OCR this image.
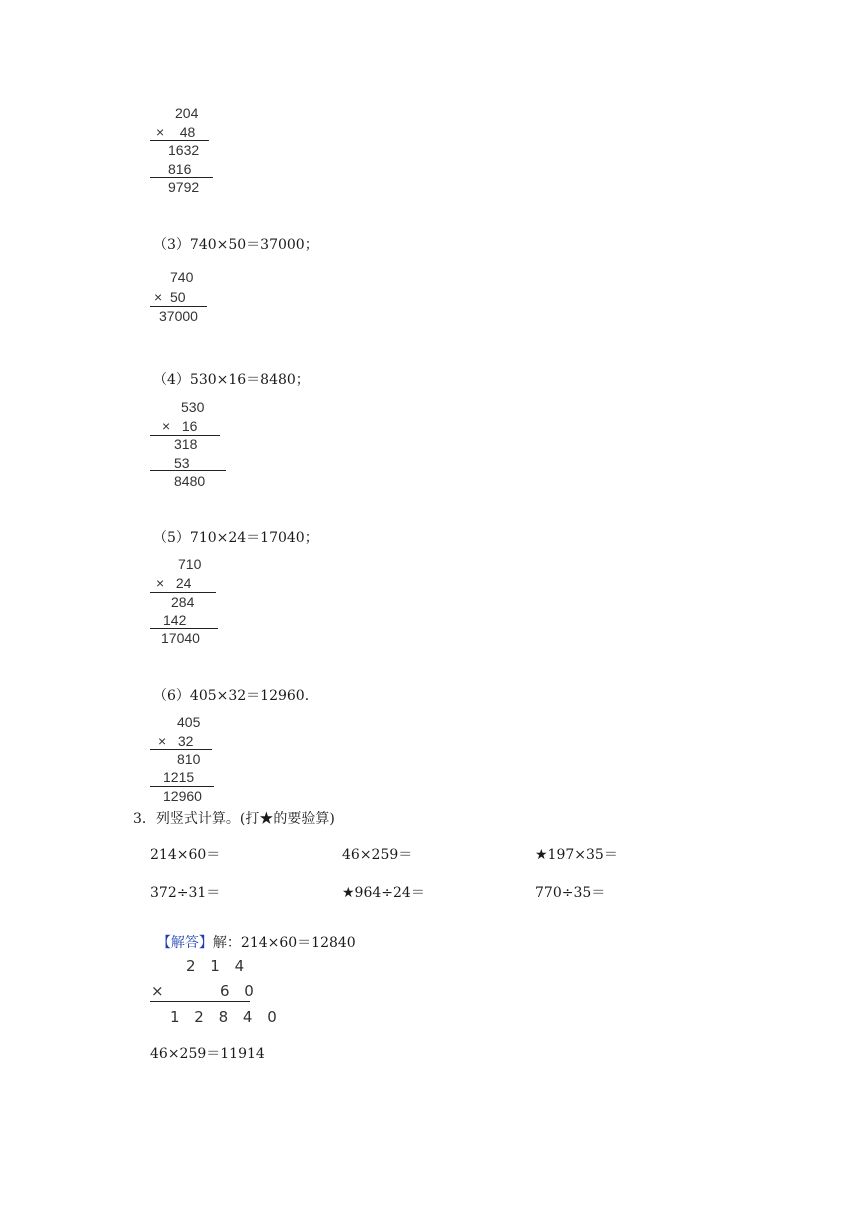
204
×    48
1632
816
9792
（3）740×50＝37000；
740
×  50
37000
（4）530×16＝8480；
530
×   16
318
53
8480
（5）710×24＝17040；
710
×   24
284
142
17040
（6）405×32＝12960．
405
×   32
810
1215
12960
3．列竖式计算。(打★的要验算)
214×60＝	46×259＝	★197×35＝
372÷31＝	★964÷24＝	770÷35＝

【解答】解：214×60＝12840

2 1 4
×	6 0
1 2 8 4 0
46×259＝11914
